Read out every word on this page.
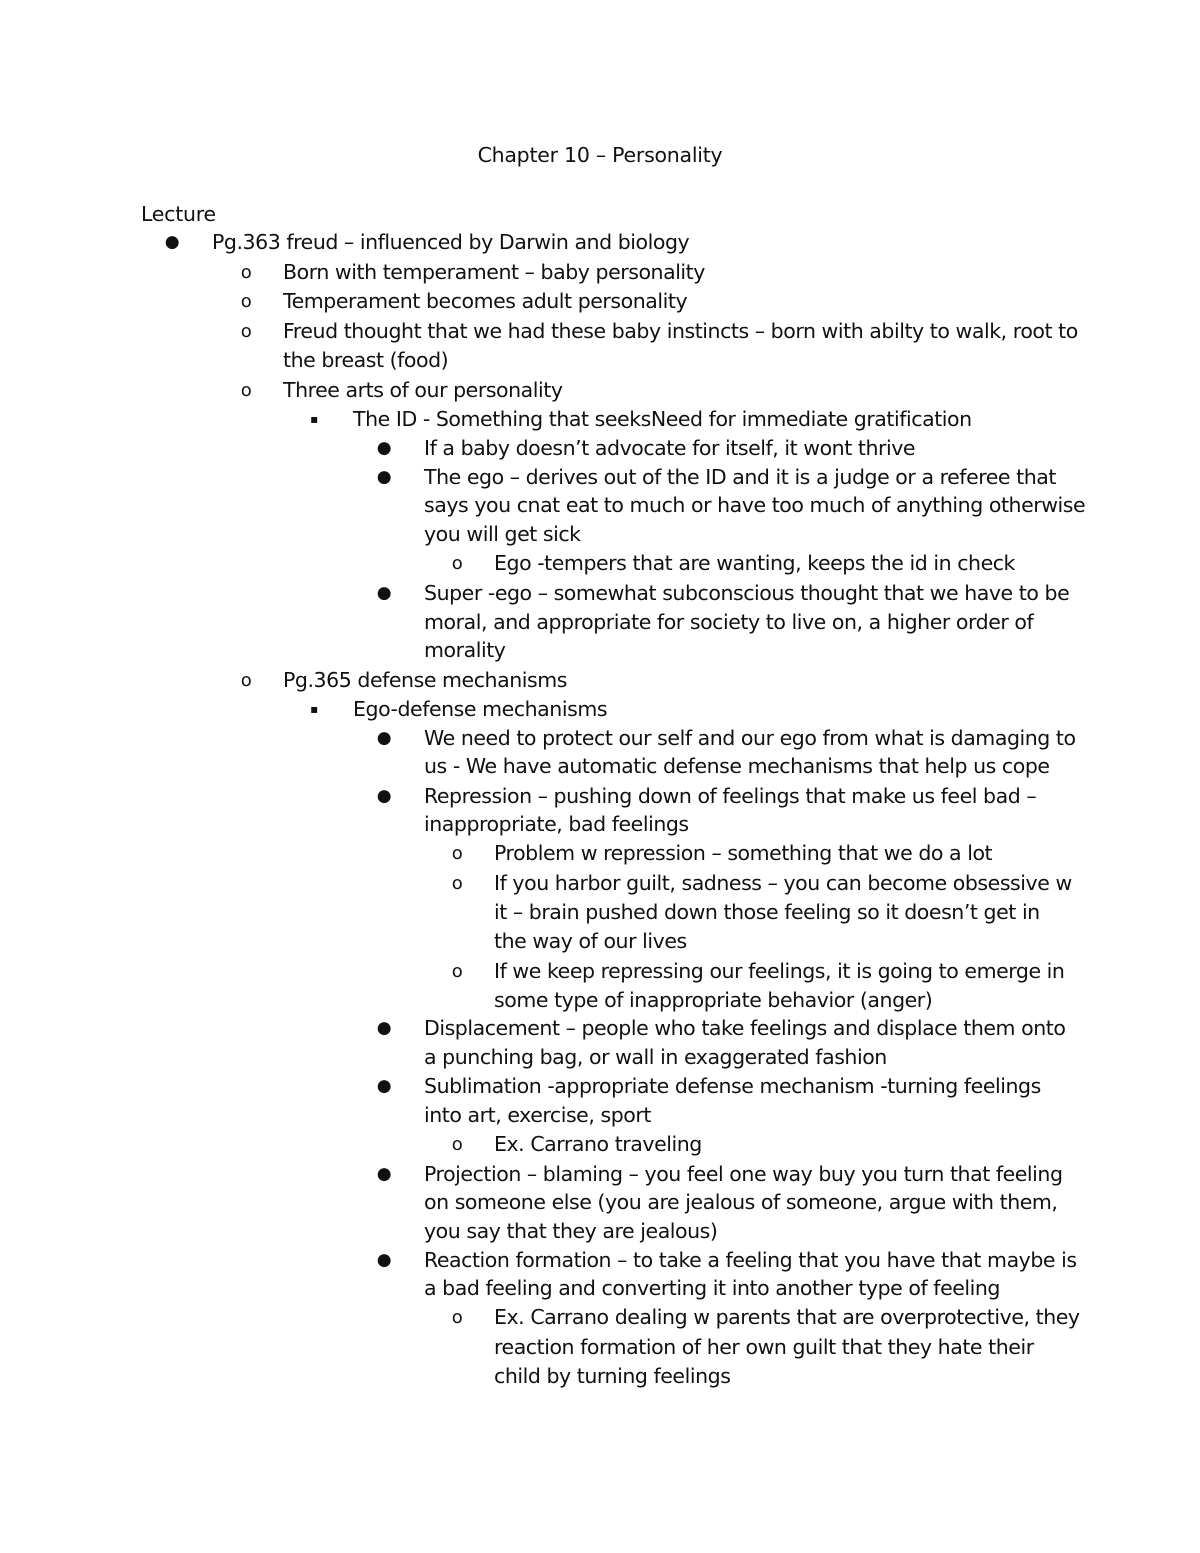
Chapter 10 – Personality
Lecture
● Pg.363 freud – influenced by Darwin and biology
o Born with temperament – baby personality
o Temperament becomes adult personality
o Freud thought that we had these baby instincts – born with abilty to walk, root to
the breast (food)
o Three arts of our personality
▪	The ID - Something that seeksNeed for immediate gratification
● If a baby doesn’t advocate for itself, it wont thrive
● The ego – derives out of the ID and it is a judge or a referee that
says you cnat eat to much or have too much of anything otherwise
you will get sick
o Ego -tempers that are wanting, keeps the id in check
● Super -ego – somewhat subconscious thought that we have to be
moral, and appropriate for society to live on, a higher order of
morality
o Pg.365 defense mechanisms
▪	Ego-defense mechanisms
● We need to protect our self and our ego from what is damaging to
us - We have automatic defense mechanisms that help us cope
● Repression – pushing down of feelings that make us feel bad –
inappropriate, bad feelings
o Problem w repression – something that we do a lot
o If you harbor guilt, sadness – you can become obsessive w
it – brain pushed down those feeling so it doesn’t get in
the way of our lives
o If we keep repressing our feelings, it is going to emerge in
some type of inappropriate behavior (anger)
● Displacement – people who take feelings and displace them onto
a punching bag, or wall in exaggerated fashion
● Sublimation -appropriate defense mechanism -turning feelings
into art, exercise, sport
o Ex. Carrano traveling
● Projection – blaming – you feel one way buy you turn that feeling
on someone else (you are jealous of someone, argue with them,
you say that they are jealous)
● Reaction formation – to take a feeling that you have that maybe is
a bad feeling and converting it into another type of feeling
o Ex. Carrano dealing w parents that are overprotective, they
reaction formation of her own guilt that they hate their
child by turning feelings
